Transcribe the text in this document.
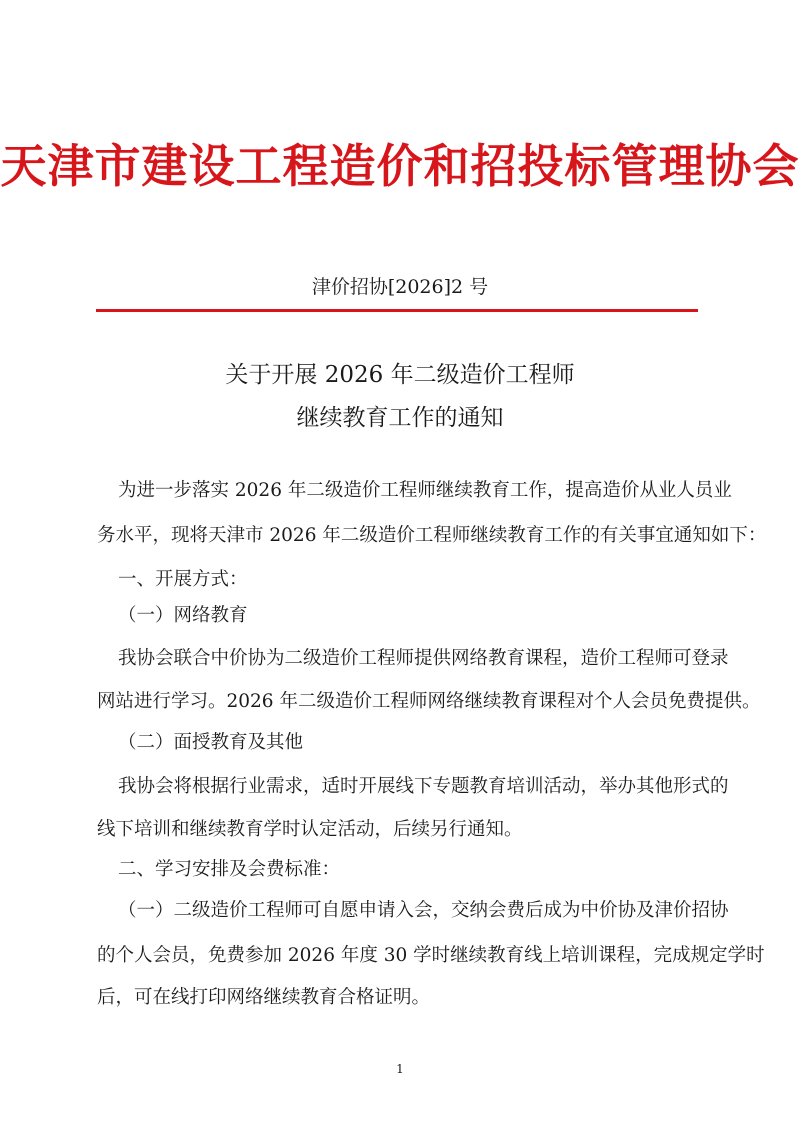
天津市建设工程造价和招投标管理协会
津价招协[2026]2 号
关于开展 2026 年二级造价工程师
继续教育工作的通知
为进一步落实 2026 年二级造价工程师继续教育工作，提高造价从业人员业
务水平，现将天津市 2026 年二级造价工程师继续教育工作的有关事宜通知如下：
一、开展方式：
（一）网络教育
我协会联合中价协为二级造价工程师提供网络教育课程，造价工程师可登录
网站进行学习。2026 年二级造价工程师网络继续教育课程对个人会员免费提供。
（二）面授教育及其他
我协会将根据行业需求，适时开展线下专题教育培训活动，举办其他形式的
线下培训和继续教育学时认定活动，后续另行通知。
二、学习安排及会费标准：
（一）二级造价工程师可自愿申请入会，交纳会费后成为中价协及津价招协
的个人会员，免费参加 2026 年度 30 学时继续教育线上培训课程，完成规定学时
后，可在线打印网络继续教育合格证明。
1
